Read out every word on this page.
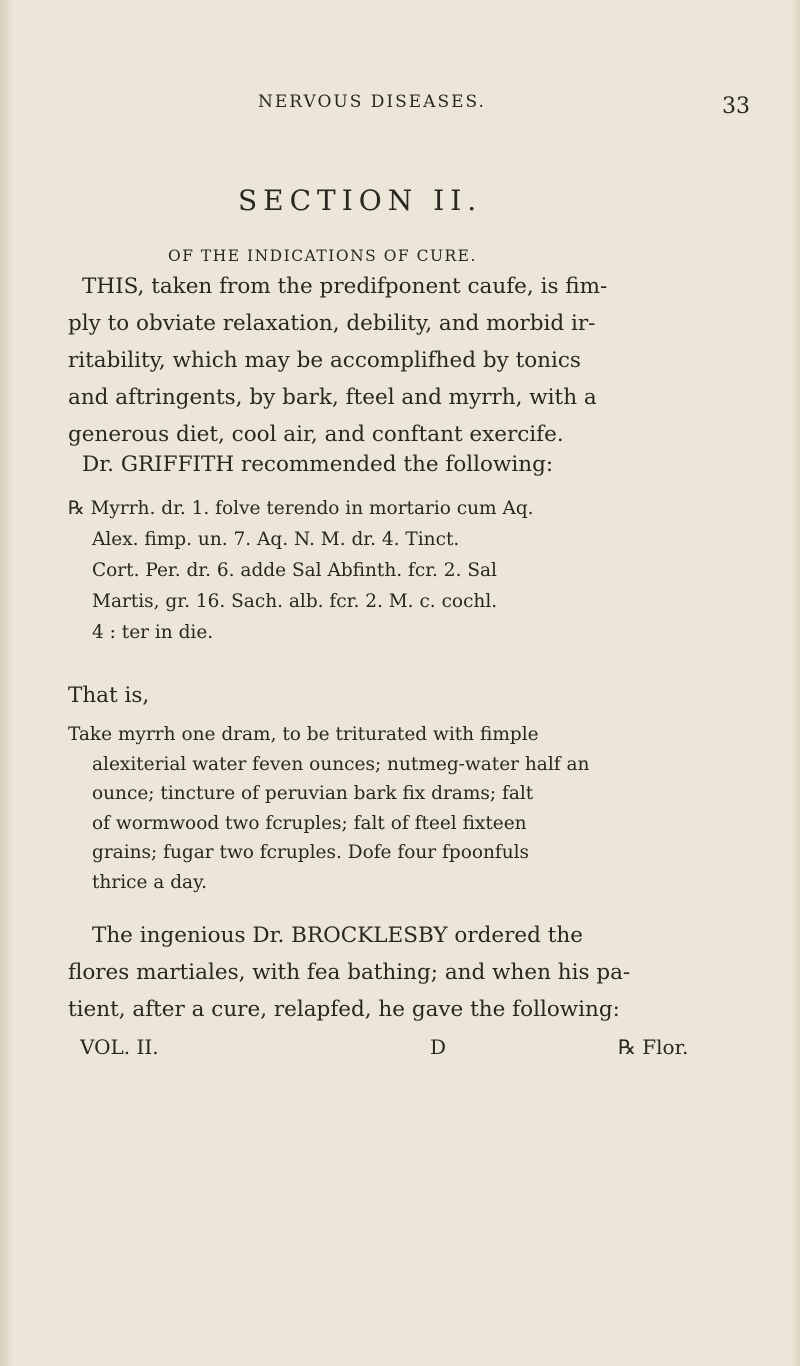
NERVOUS DISEASES.	33
SECTION II.
OF THE INDICATIONS OF CURE.
THIS, taken from the predifponent caufe, is fim-
ply to obviate relaxation, debility, and morbid ir-
ritability, which may be accomplifhed by tonics
and aftringents, by bark, fteel and myrrh, with a
generous diet, cool air, and conftant exercife.
Dr. GRIFFITH recommended the following:
℞ Myrrh. dr. 1. folve terendo in mortario cum Aq.
Alex. fimp. un. 7. Aq. N. M. dr. 4. Tinct.
Cort. Per. dr. 6. adde Sal Abfinth. fcr. 2. Sal
Martis, gr. 16. Sach. alb. fcr. 2. M. c. cochl.
4 : ter in die.
That is,
Take myrrh one dram, to be triturated with fimple
alexiterial water feven ounces; nutmeg-water half an
ounce; tincture of peruvian bark fix drams; falt
of wormwood two fcruples; falt of fteel fixteen
grains; fugar two fcruples. Dofe four fpoonfuls
thrice a day.
The ingenious Dr. BROCKLESBY ordered the
flores martiales, with fea bathing; and when his pa-
tient, after a cure, relapfed, he gave the following:
VOL. II.	D	℞ Flor.
